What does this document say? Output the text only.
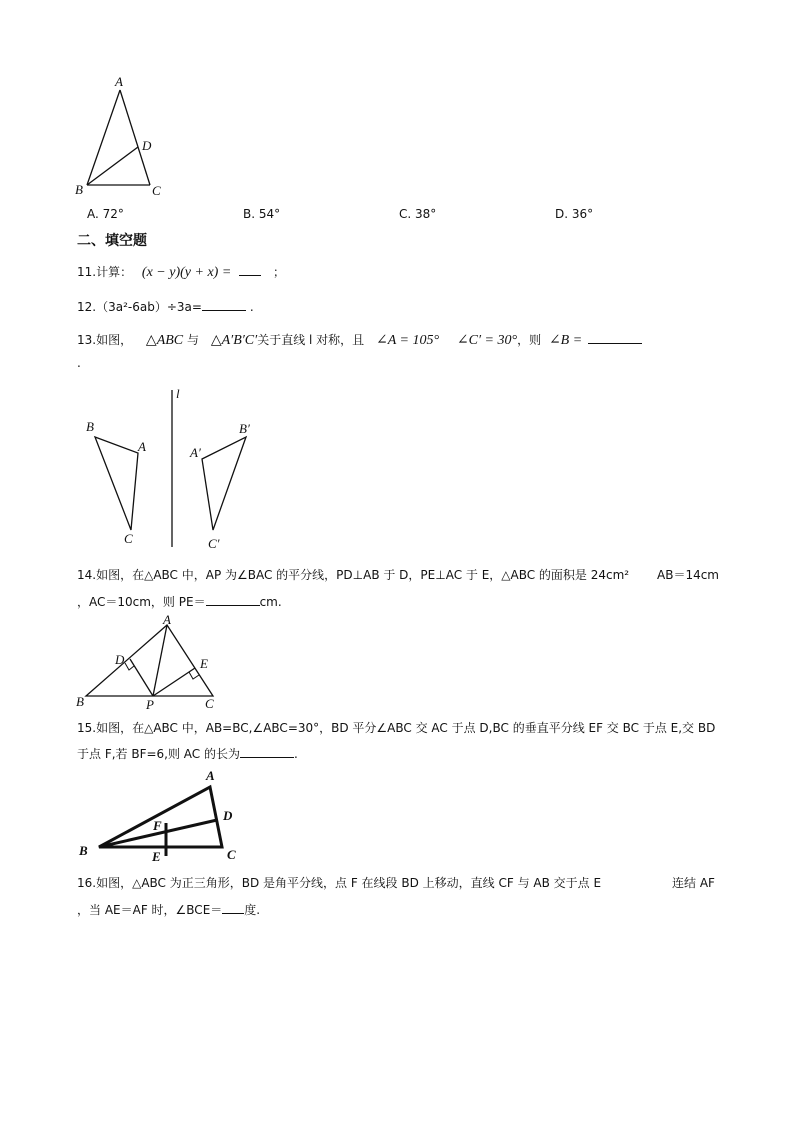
A
D
B	C
A. 72°	B. 54°	C. 38°	D. 36°
二、填空题
11.计算： (x − y)(y + x) =	；
12.（3a²-6ab）÷3a=	.
13.如图， △ABC 与 △A′B′C′关于直线 l 对称，且 ∠A = 105° ∠C′ = 30°，则 ∠B =
.
l
B
A
C
A′
B′
C′
14.如图，在△ABC 中，AP 为∠BAC 的平分线，PD⊥AB 于 D，PE⊥AC 于 E，△ABC 的面积是 24cm² AB＝14cm
，AC＝10cm，则 PE＝	cm.
A
D	E
B	P	C
15.如图，在△ABC 中，AB=BC,∠ABC=30°，BD 平分∠ABC 交 AC 于点 D,BC 的垂直平分线 EF 交 BC 于点 E,交 BD
于点 F,若 BF=6,则 AC 的长为	.
A
D
F
B	E	C
16.如图，△ABC 为正三角形，BD 是角平分线，点 F 在线段 BD 上移动，直线 CF 与 AB 交于点 E	连结 AF
，当 AE＝AF 时，∠BCE＝ 度.
